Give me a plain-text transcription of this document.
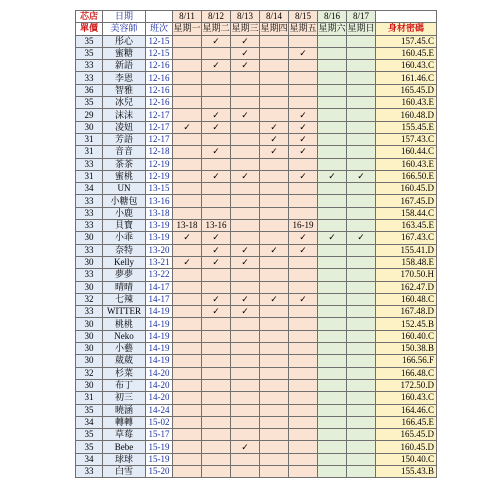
芯店	日期		8/11	8/12	8/13	8/14	8/15	8/16	8/17	
單價	美容師	班次	星期一	星期二	星期三	星期四	星期五	星期六	星期日	身材密碼
35	彤心	12-15		✓	✓					157.45.C
35	蜜糖	12-15			✓		✓			160.45.E
33	新語	12-16		✓	✓					160.43.C
33	李恩	12-16								161.46.C
36	智雅	12-16								165.45.D
35	冰兒	12-16								160.43.E
29	沫沫	12-17		✓	✓		✓			160.48.D
30	凌妞	12-17	✓	✓		✓	✓			155.45.E
31	芳語	12-17				✓	✓			157.43.C
31	音音	12-18		✓		✓	✓			160.44.C
33	茶茶	12-19								160.43.E
31	蜜桃	12-19		✓	✓		✓	✓	✓	166.50.E
34	UN	13-15								160.45.D
33	小糖包	13-16								167.45.D
33	小鹿	13-18								158.44.C
33	貝寶	13-19	13-18	13-16			16-19			163.45.E
30	小乖	13-19	✓	✓			✓	✓	✓	167.43.C
33	奈特	13-20		✓	✓	✓	✓			155.41.D
30	Kelly	13-21	✓	✓	✓					158.48.E
33	夢夢	13-22								170.50.H
30	晴晴	14-17								162.47.D
32	七辣	14-17		✓	✓	✓	✓			160.48.C
33	WITTER	14-19		✓	✓					167.48.D
30	桃桃	14-19								152.45.B
30	Neko	14-19								160.40.C
30	小藝	14-19								150.38.B
30	葳葳	14-19								166.56.F
32	杉菜	14-20								166.48.C
30	布丁	14-20								172.50.D
31	初三	14-20								160.43.C
35	曉涵	14-24								164.46.C
34	轉轉	15-02								166.45.E
35	草莓	15-17								165.45.D
35	Bebe	15-19			✓					160.45.D
34	球球	15-19								150.40.C
33	白雪	15-20								155.43.B
